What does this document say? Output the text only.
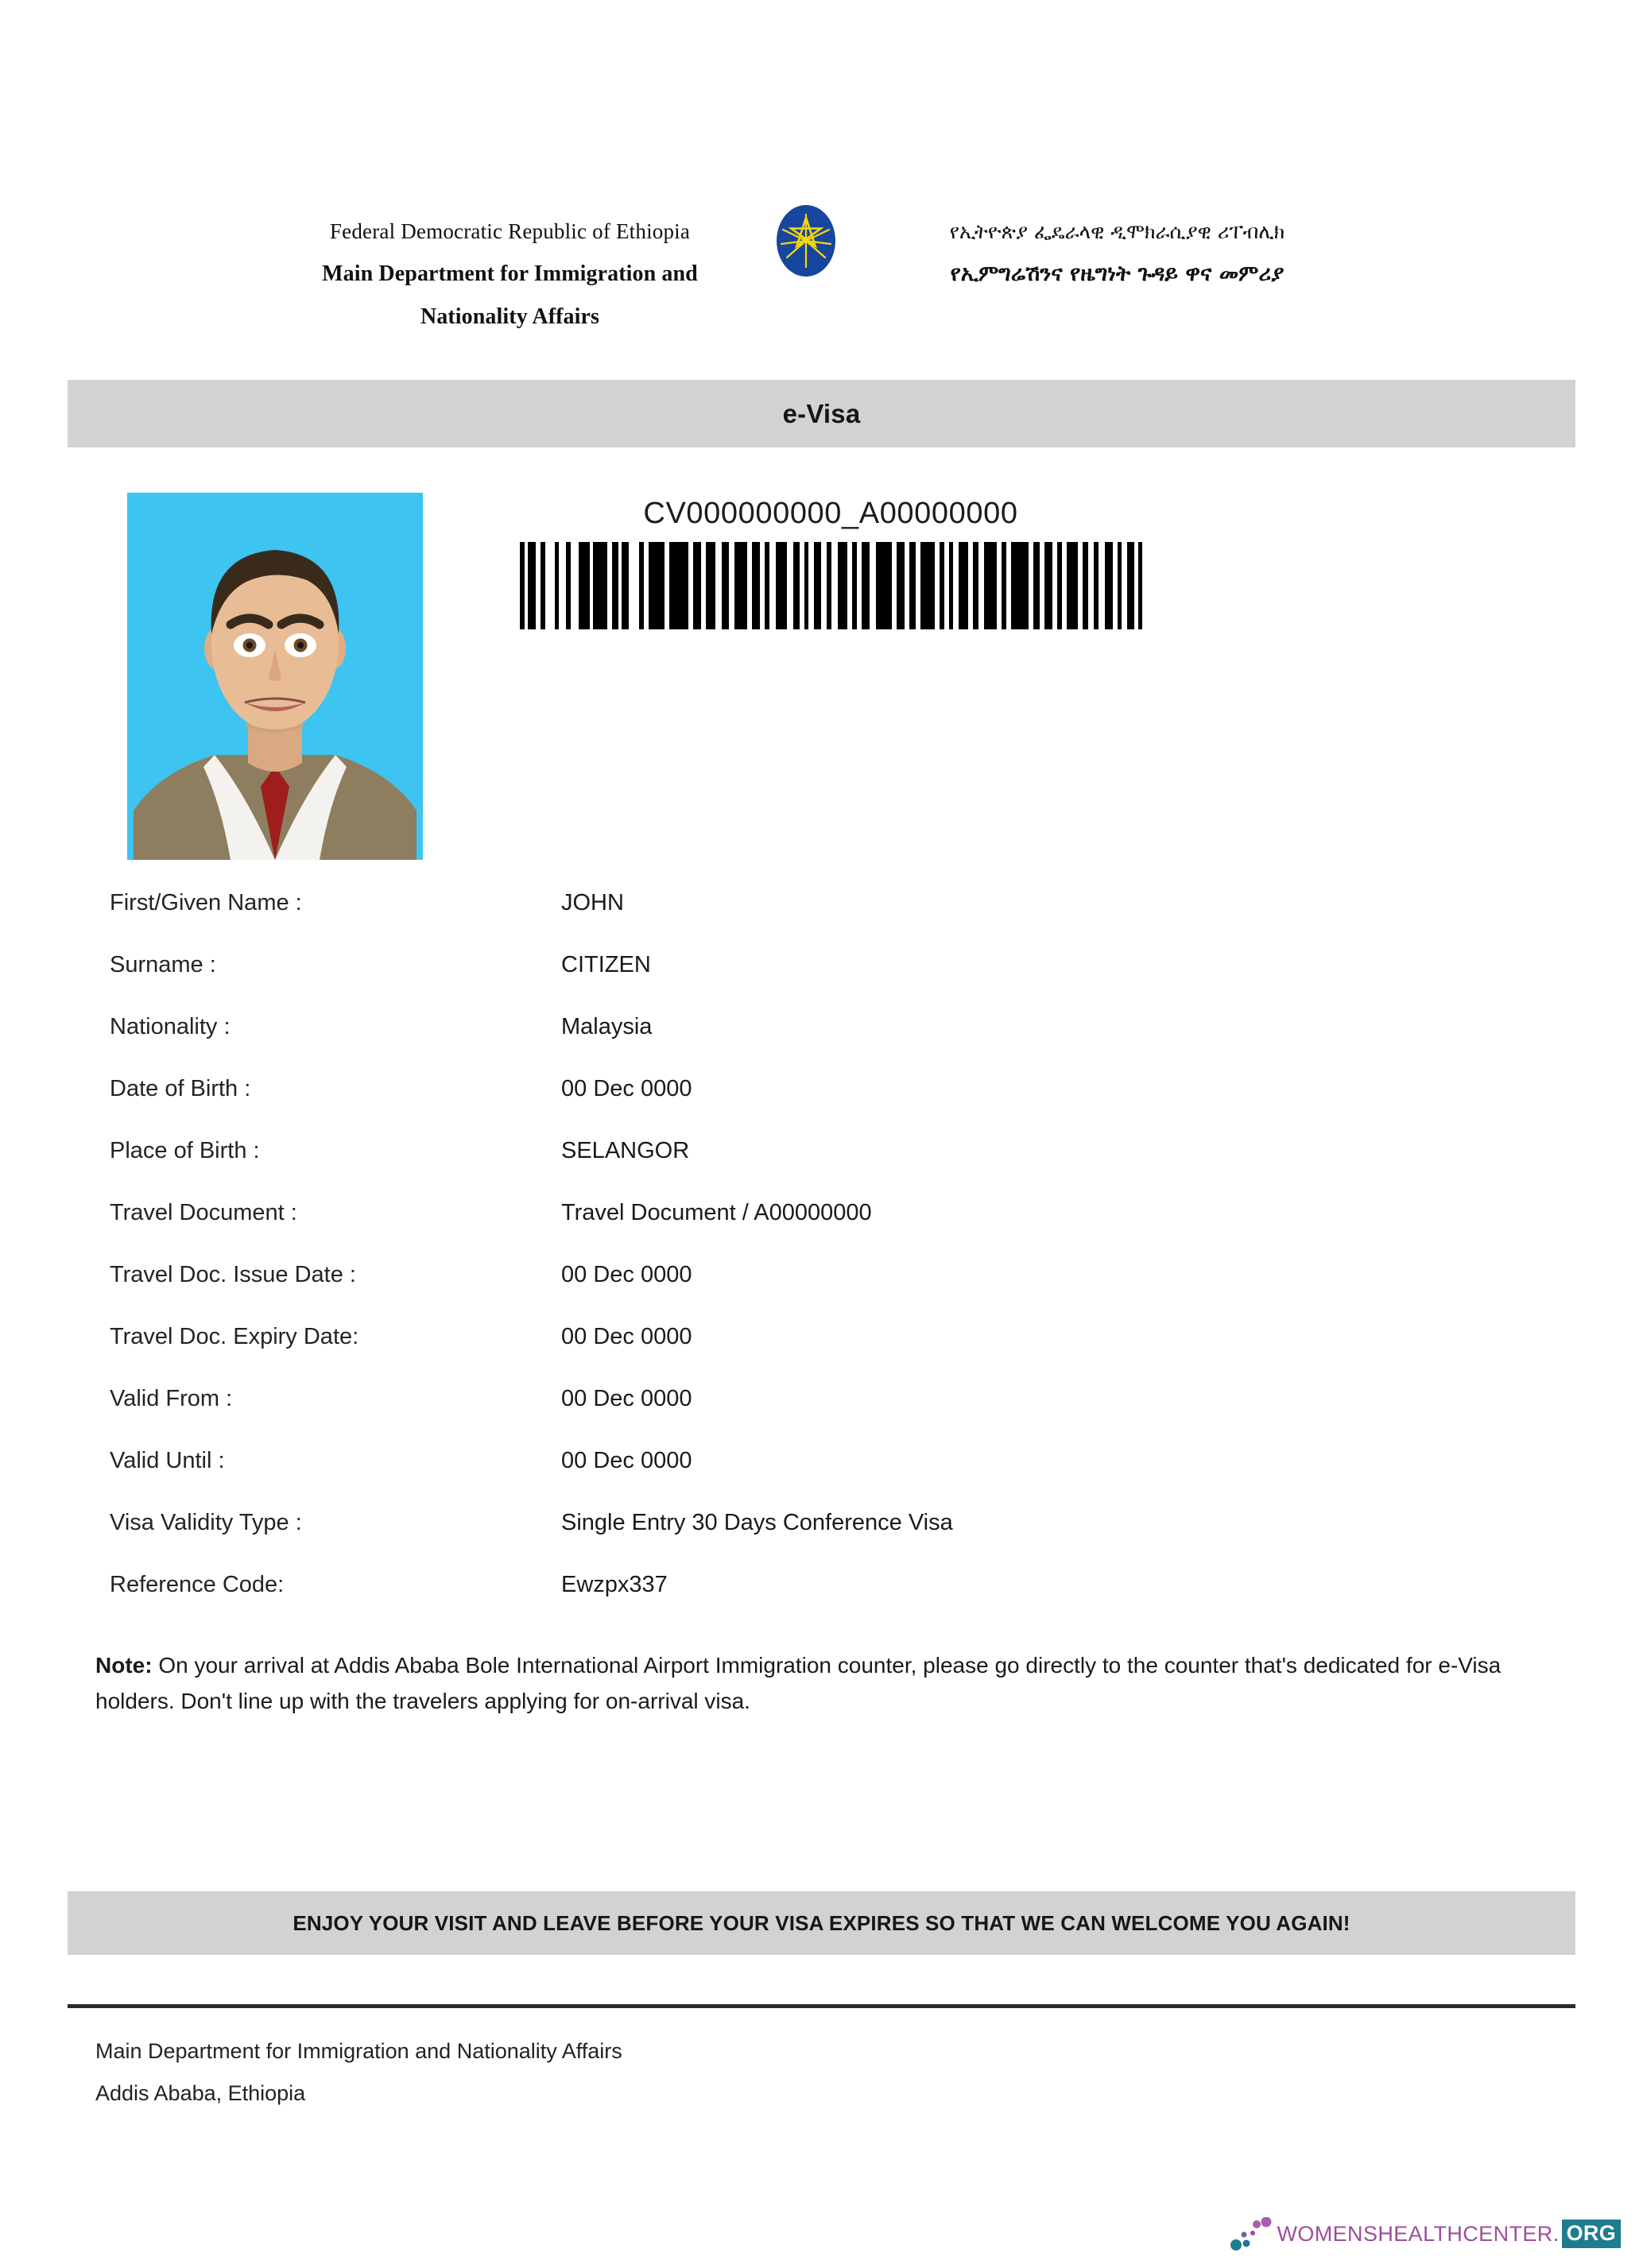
Federal Democratic Republic of Ethiopia
Main Department for Immigration and
Nationality Affairs
የኢትዮጵያ ፌዴራላዊ ዲሞክራሲያዊ ሪፐብሊክ
የኢምግሬሽንና የዜግነት ጉዳይ ዋና መምሪያ
e-Visa
CV000000000_A00000000
First/Given Name :	JOHN
Surname :	CITIZEN
Nationality :	Malaysia
Date of Birth :	00 Dec 0000
Place of Birth :	SELANGOR
Travel Document :	Travel Document / A00000000
Travel Doc. Issue Date :	00 Dec 0000
Travel Doc. Expiry Date:	00 Dec 0000
Valid From :	00 Dec 0000
Valid Until :	00 Dec 0000
Visa Validity Type :	Single Entry 30 Days Conference Visa
Reference Code:	Ewzpx337
Note: On your arrival at Addis Ababa Bole International Airport Immigration counter, please go directly to the counter that's dedicated for e-Visa holders. Don't line up with the travelers applying for on-arrival visa.
ENJOY YOUR VISIT AND LEAVE BEFORE YOUR VISA EXPIRES SO THAT WE CAN WELCOME YOU AGAIN!
Main Department for Immigration and Nationality Affairs
Addis Ababa, Ethiopia
WOMENSHEALTHCENTER. ORG
